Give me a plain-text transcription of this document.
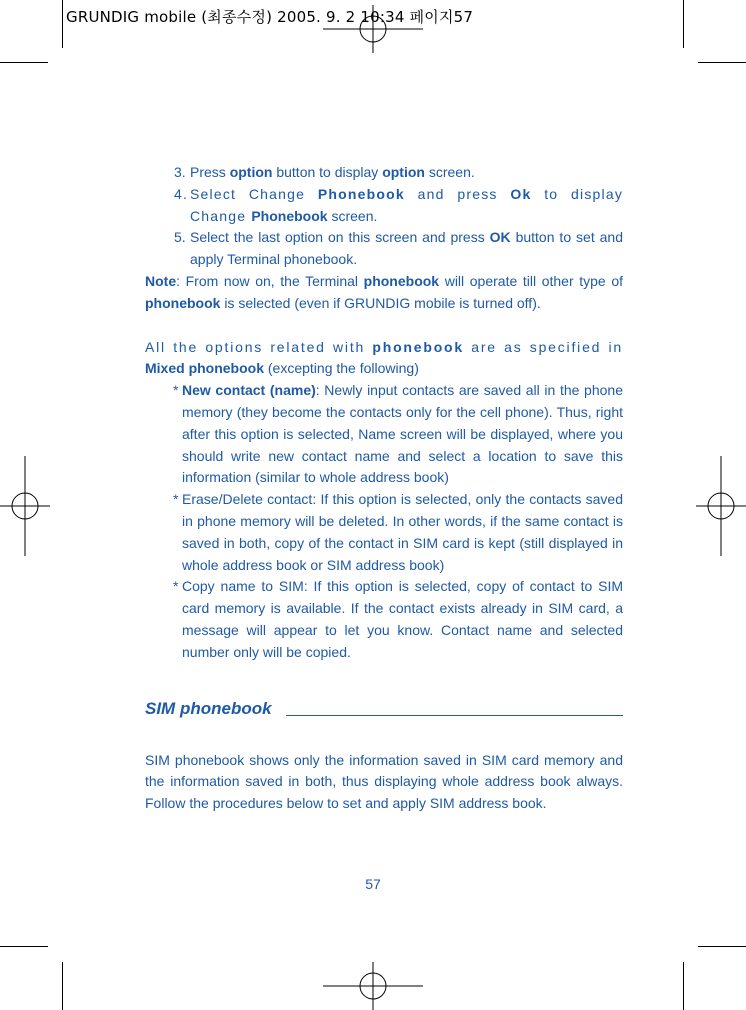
GRUNDIG mobile (최종수정) 2005. 9. 2 10:34 페이지57

3. Press option button to display option screen.

4. Select Change Phonebook and press Ok to display Change Phonebook screen.

5. Select the last option on this screen and press OK button to set and apply Terminal phonebook.

Note: From now on, the Terminal phonebook will operate till other type of phonebook is selected (even if GRUNDIG mobile is turned off).

All the options related with phonebook are as specified in Mixed phonebook (excepting the following)

* New contact (name): Newly input contacts are saved all in the phone memory (they become the contacts only for the cell phone). Thus, right after this option is selected, Name screen will be displayed, where you should write new contact name and select a location to save this information (similar to whole address book)

* Erase/Delete contact: If this option is selected, only the contacts saved in phone memory will be deleted. In other words, if the same contact is saved in both, copy of the contact in SIM card is kept (still displayed in whole address book or SIM address book)

* Copy name to SIM: If this option is selected, copy of contact to SIM card memory is available. If the contact exists already in SIM card, a message will appear to let you know. Contact name and selected number only will be copied.

SIM phonebook

SIM phonebook shows only the information saved in SIM card memory and the information saved in both, thus displaying whole address book always. Follow the procedures below to set and apply SIM address book.

57
